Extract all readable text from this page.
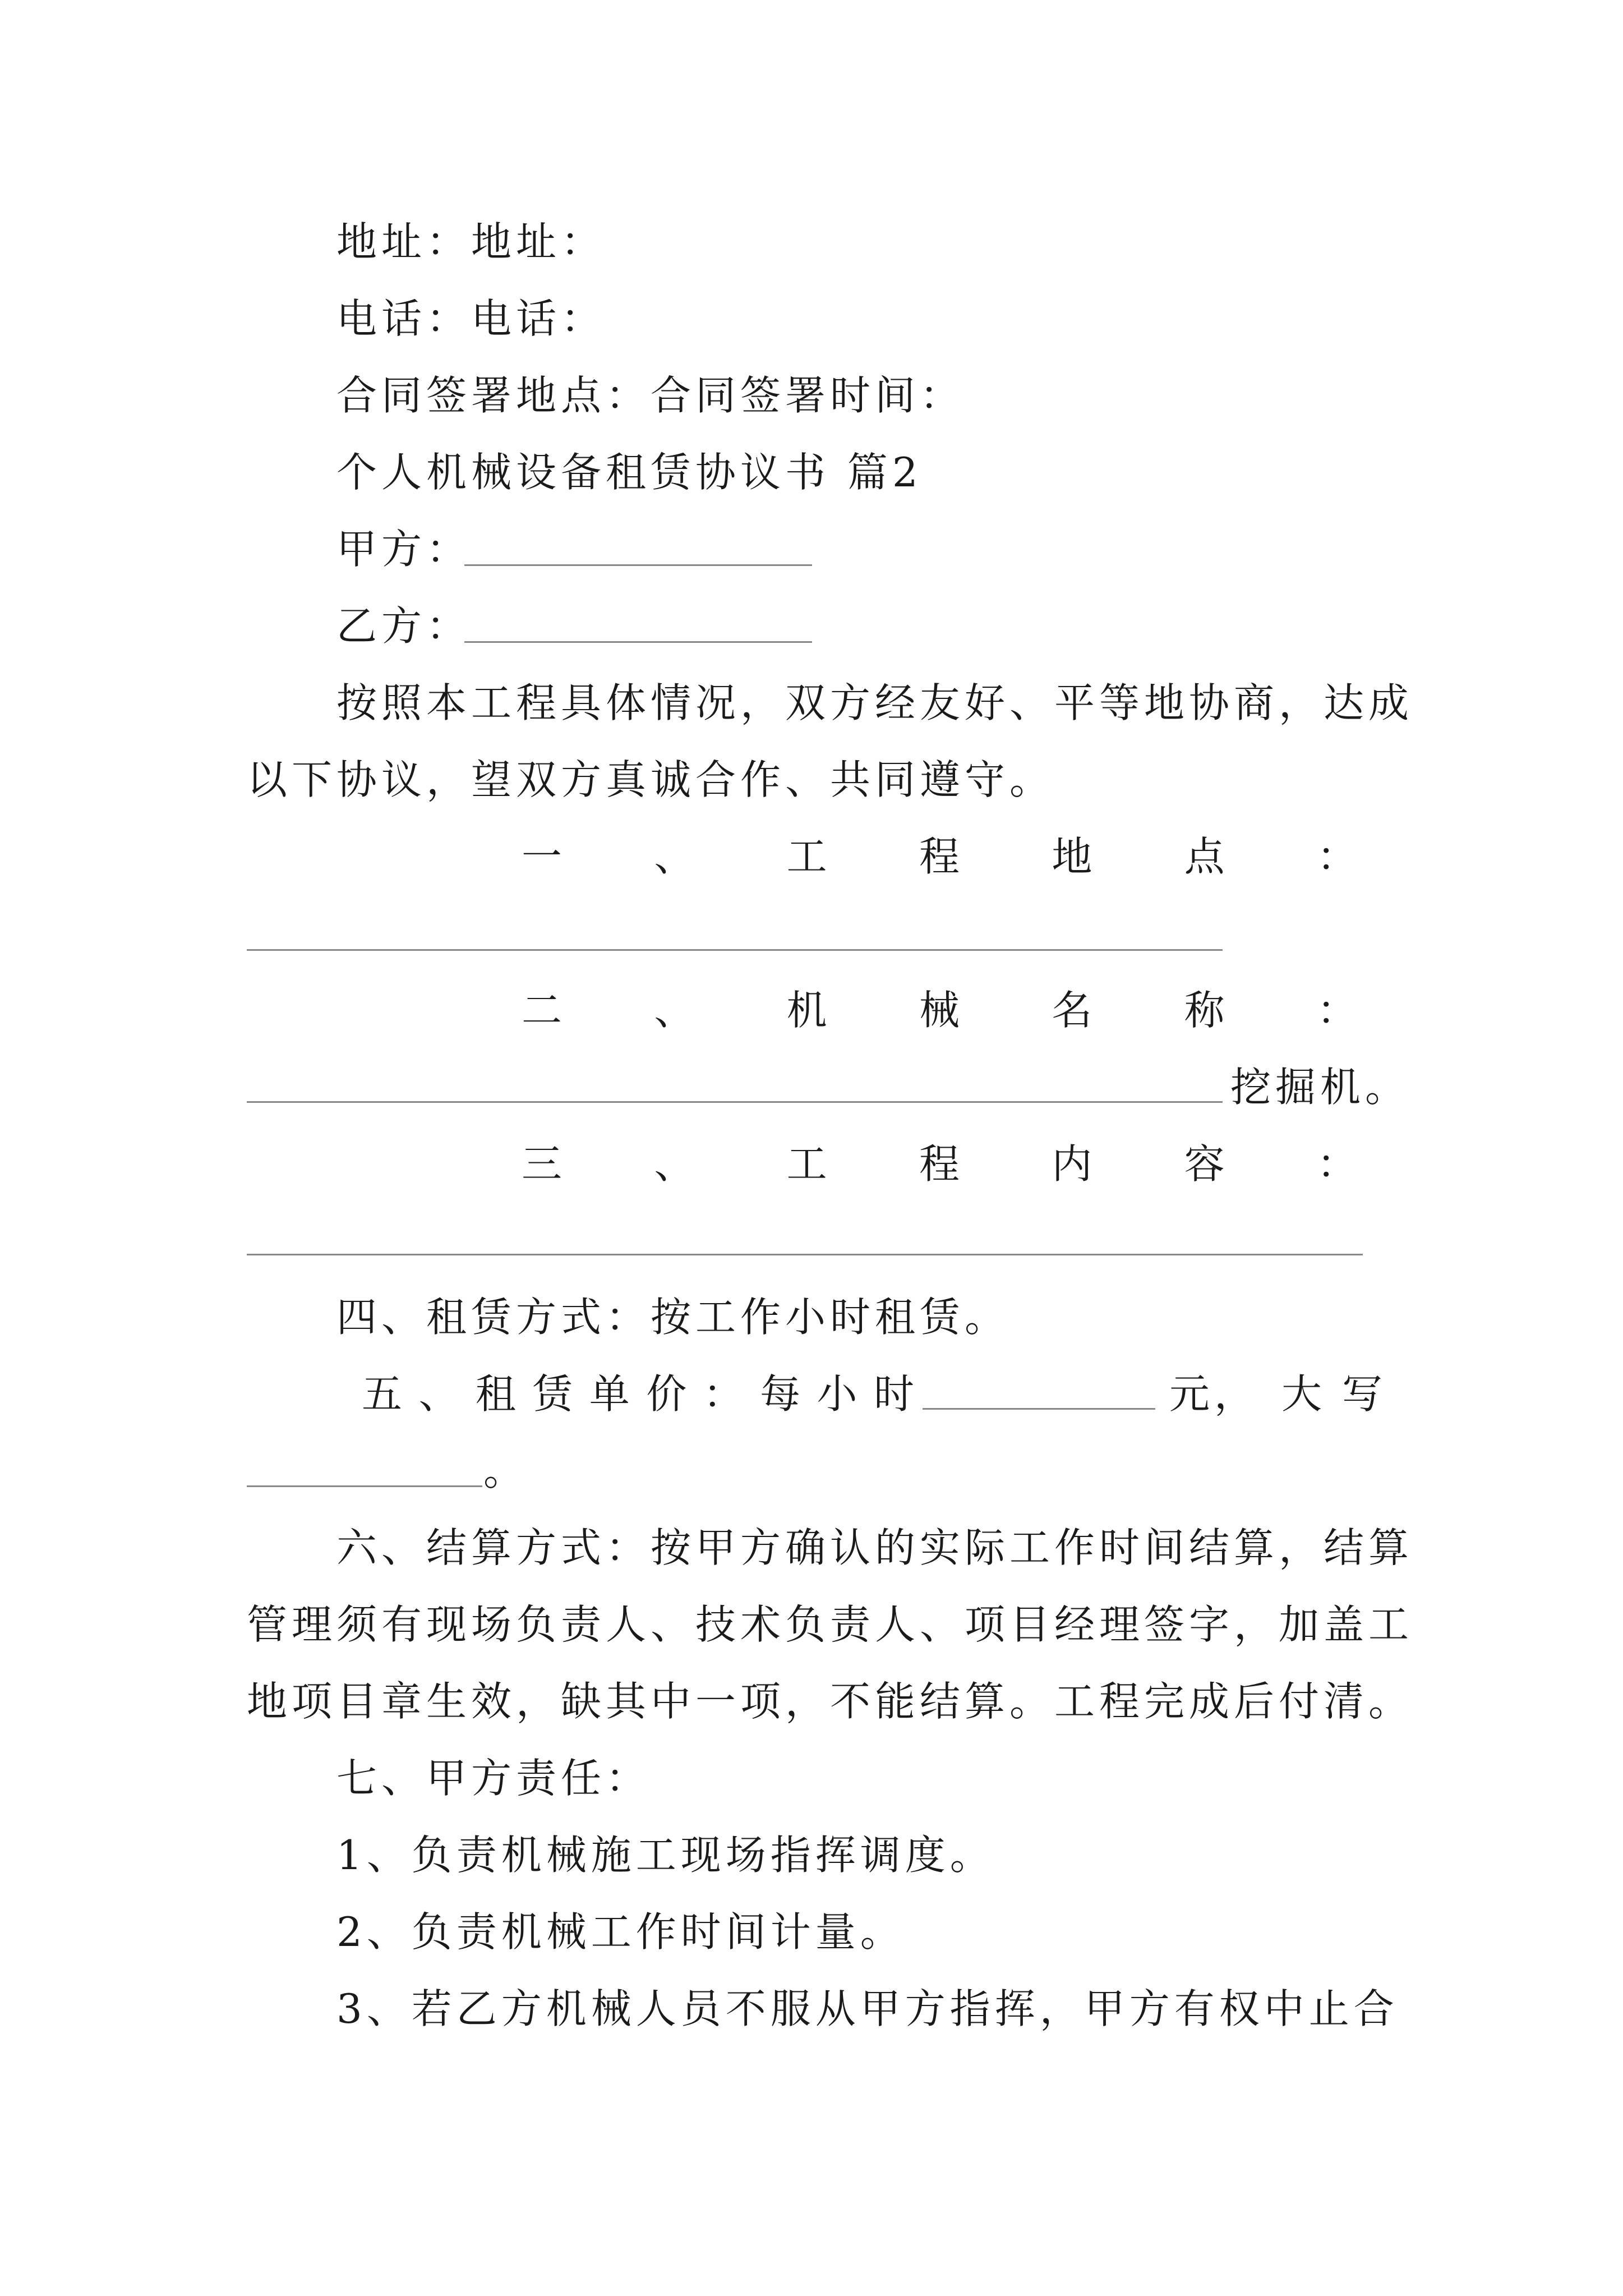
地址：地址：
电话：电话：
合同签署地点：合同签署时间：
个人机械设备租赁协议书 篇2
甲方：
乙方：
按照本工程具体情况，双方经友好、平等地协商，达成
以下协议，望双方真诚合作、共同遵守。
一 、 工 程 地 点 ：
二 、 机 械 名 称 ：
挖掘机。
三 、 工 程 内 容 ：
四、租赁方式：按工作小时租赁。
五 、 租 赁 单 价 ： 每 小 时	元， 大 写
。
六、结算方式：按甲方确认的实际工作时间结算，结算
管理须有现场负责人、技术负责人、项目经理签字，加盖工
地项目章生效，缺其中一项，不能结算。工程完成后付清。
七、甲方责任：
1、负责机械施工现场指挥调度。
2、负责机械工作时间计量。
3、若乙方机械人员不服从甲方指挥，甲方有权中止合
